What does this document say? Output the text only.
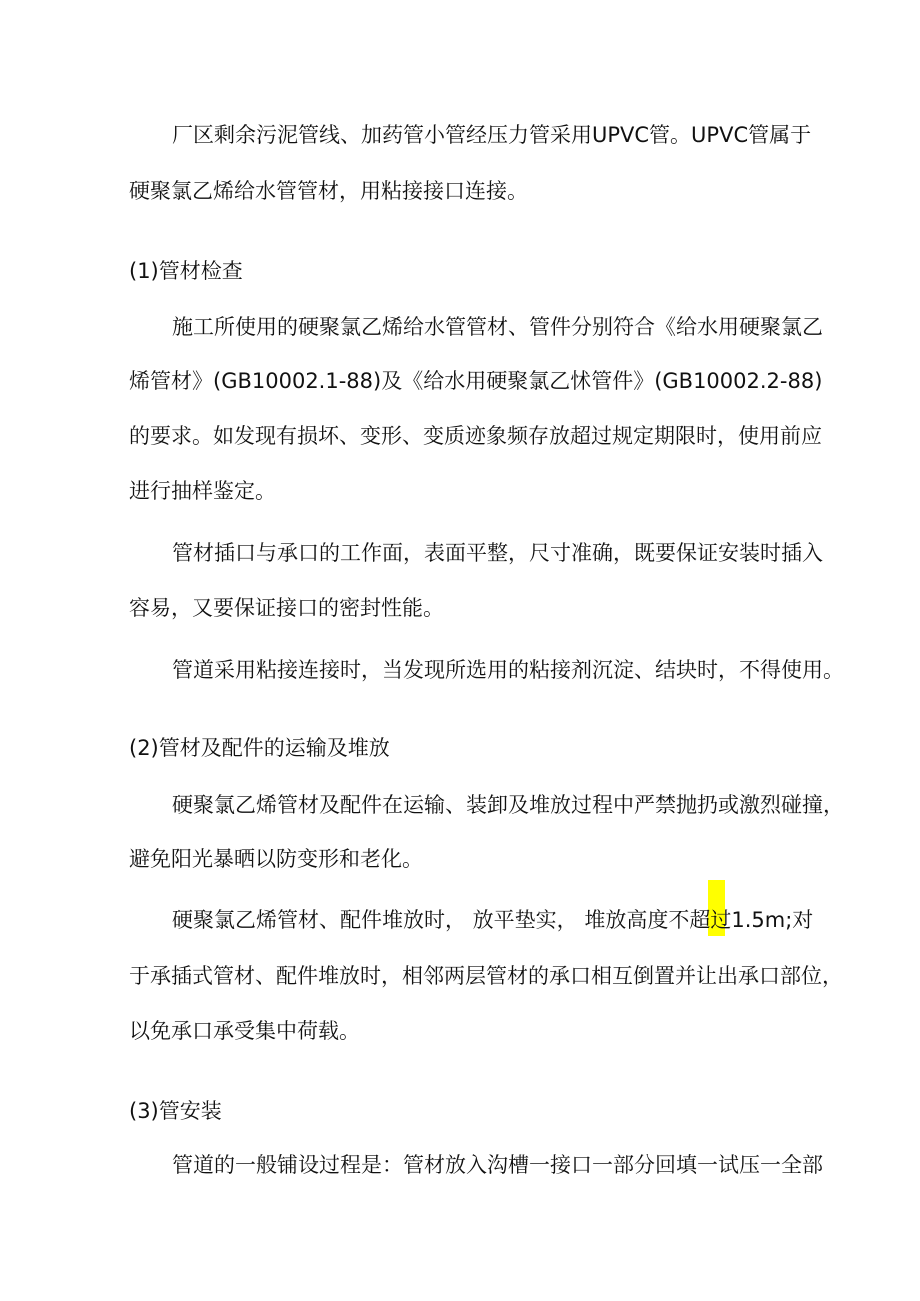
厂区剩余污泥管线、加药管小管经压力管采用UPVC管。UPVC管属于
硬聚氯乙烯给水管管材，用粘接接口连接。
(1)管材检查
施工所使用的硬聚氯乙烯给水管管材、管件分别符合《给水用硬聚氯乙
烯管材》(GB10002.1-88)及《给水用硬聚氯乙怵管件》(GB10002.2-88)
的要求。如发现有损坏、变形、变质迹象频存放超过规定期限时，使用前应
进行抽样鉴定。
管材插口与承口的工作面，表面平整，尺寸准确，既要保证安装时插入
容易，又要保证接口的密封性能。
管道采用粘接连接时，当发现所选用的粘接剂沉淀、结块时，不得使用。
(2)管材及配件的运输及堆放
硬聚氯乙烯管材及配件在运输、装卸及堆放过程中严禁抛扔或激烈碰撞，
避免阳光暴晒以防变形和老化。
硬聚氯乙烯管材、配件堆放时， 放平垫实， 堆放高度不超过1.5m;对
于承插式管材、配件堆放时，相邻两层管材的承口相互倒置并让出承口部位，
以免承口承受集中荷载。
(3)管安装
管道的一般铺设过程是：管材放入沟槽一接口一部分回填一试压一全部
